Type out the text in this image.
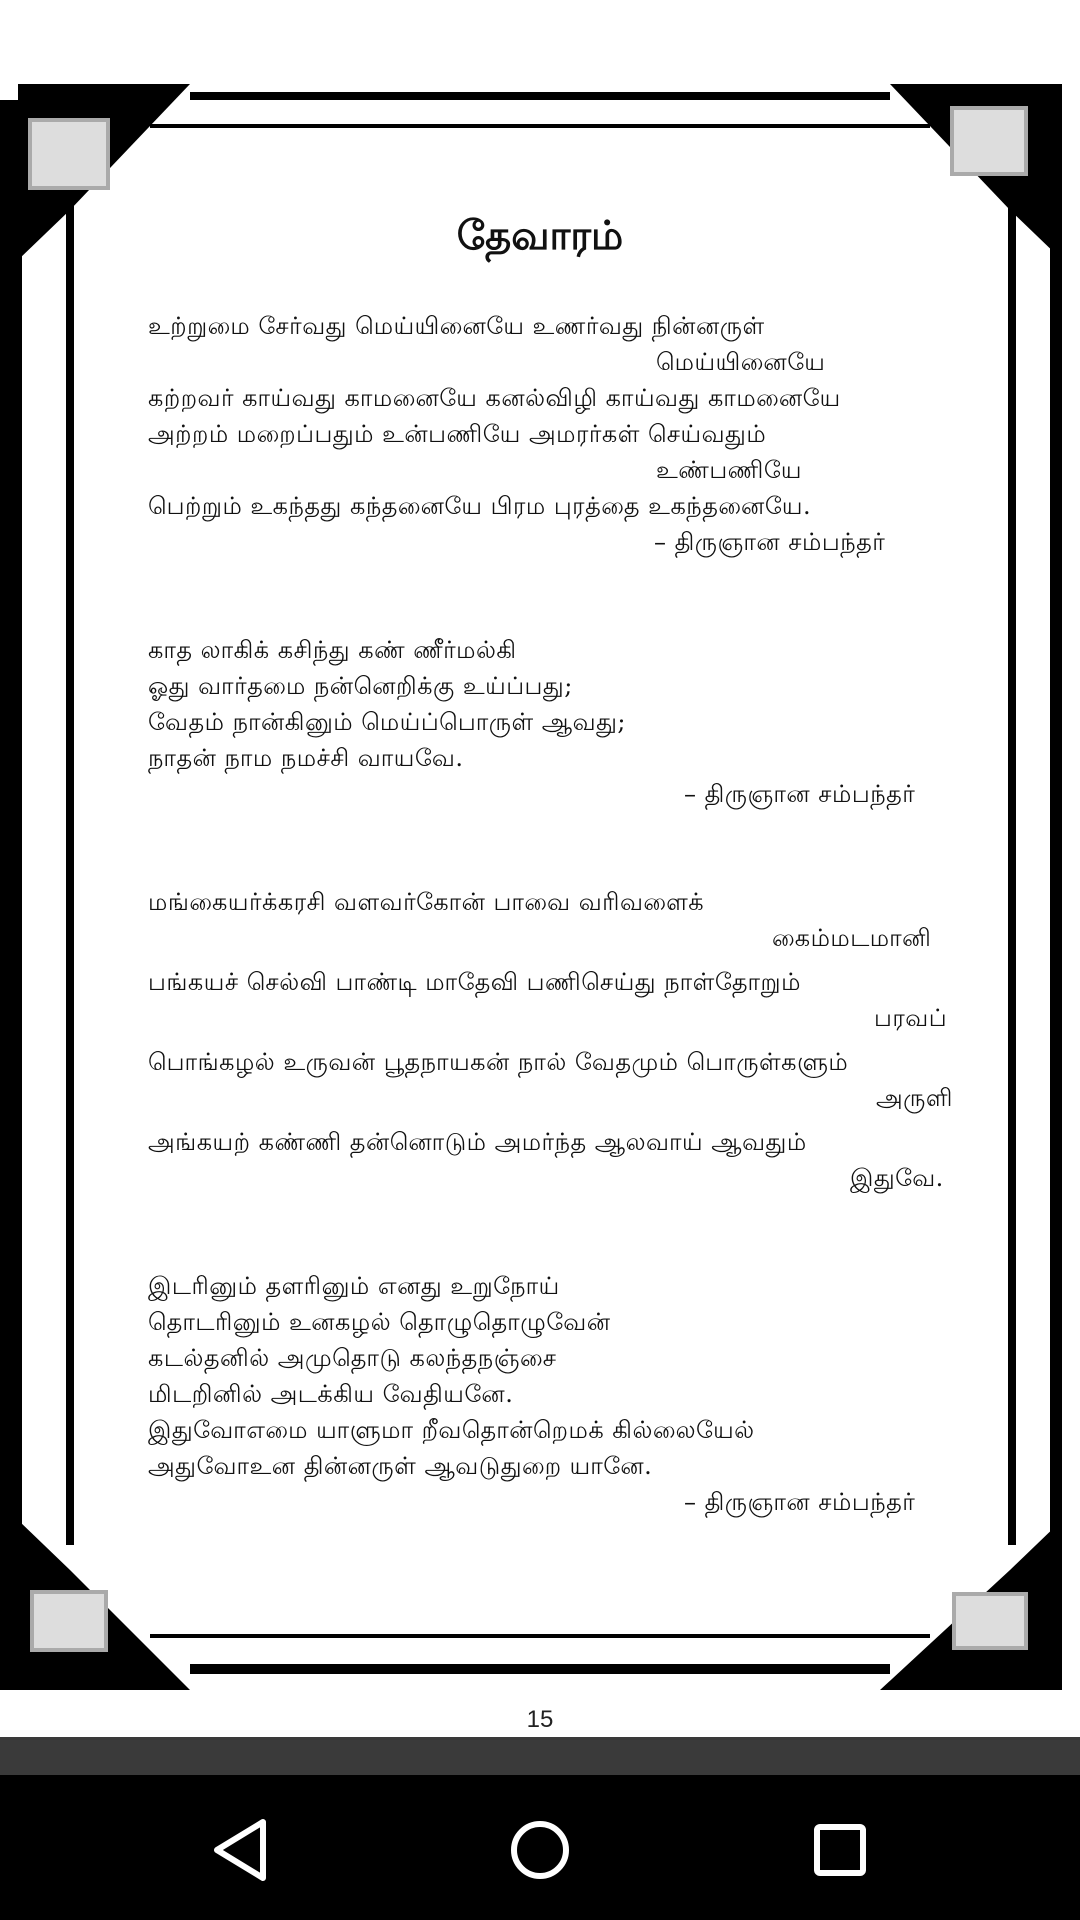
தேவாரம்
உற்றுமை சேர்வது மெய்யினையே உணர்வது நின்னருள்
மெய்யினையே
கற்றவர் காய்வது காமனையே கனல்விழி காய்வது காமனையே
அற்றம் மறைப்பதும் உன்பணியே அமரர்கள் செய்வதும்
உண்பணியே
பெற்றும் உகந்தது கந்தனையே பிரம புரத்தை உகந்தனையே.
– திருஞான சம்பந்தர்
காத லாகிக் கசிந்து கண் ணீர்மல்கி
ஓது வார்தமை நன்னெறிக்கு உய்ப்பது;
வேதம் நான்கினும் மெய்ப்பொருள் ஆவது;
நாதன் நாம நமச்சி வாயவே.
– திருஞான சம்பந்தர்
மங்கையர்க்கரசி வளவர்கோன் பாவை வரிவளைக்
கைம்மடமானி
பங்கயச் செல்வி பாண்டி மாதேவி பணிசெய்து நாள்தோறும்
பரவப்
பொங்கழல் உருவன் பூதநாயகன் நால் வேதமும் பொருள்களும்
அருளி
அங்கயற் கண்ணி தன்னொடும் அமர்ந்த ஆலவாய் ஆவதும்
இதுவே.
இடரினும் தளரினும் எனது உறுநோய்
தொடரினும் உனகழல் தொழுதொழுவேன்
கடல்தனில் அமுதொடு கலந்தநஞ்சை
மிடறினில் அடக்கிய வேதியனே.
இதுவோஎமை யாளுமா றீவதொன்றெமக் கில்லையேல்
அதுவோஉன தின்னருள் ஆவடுதுறை யானே.
– திருஞான சம்பந்தர்
15
